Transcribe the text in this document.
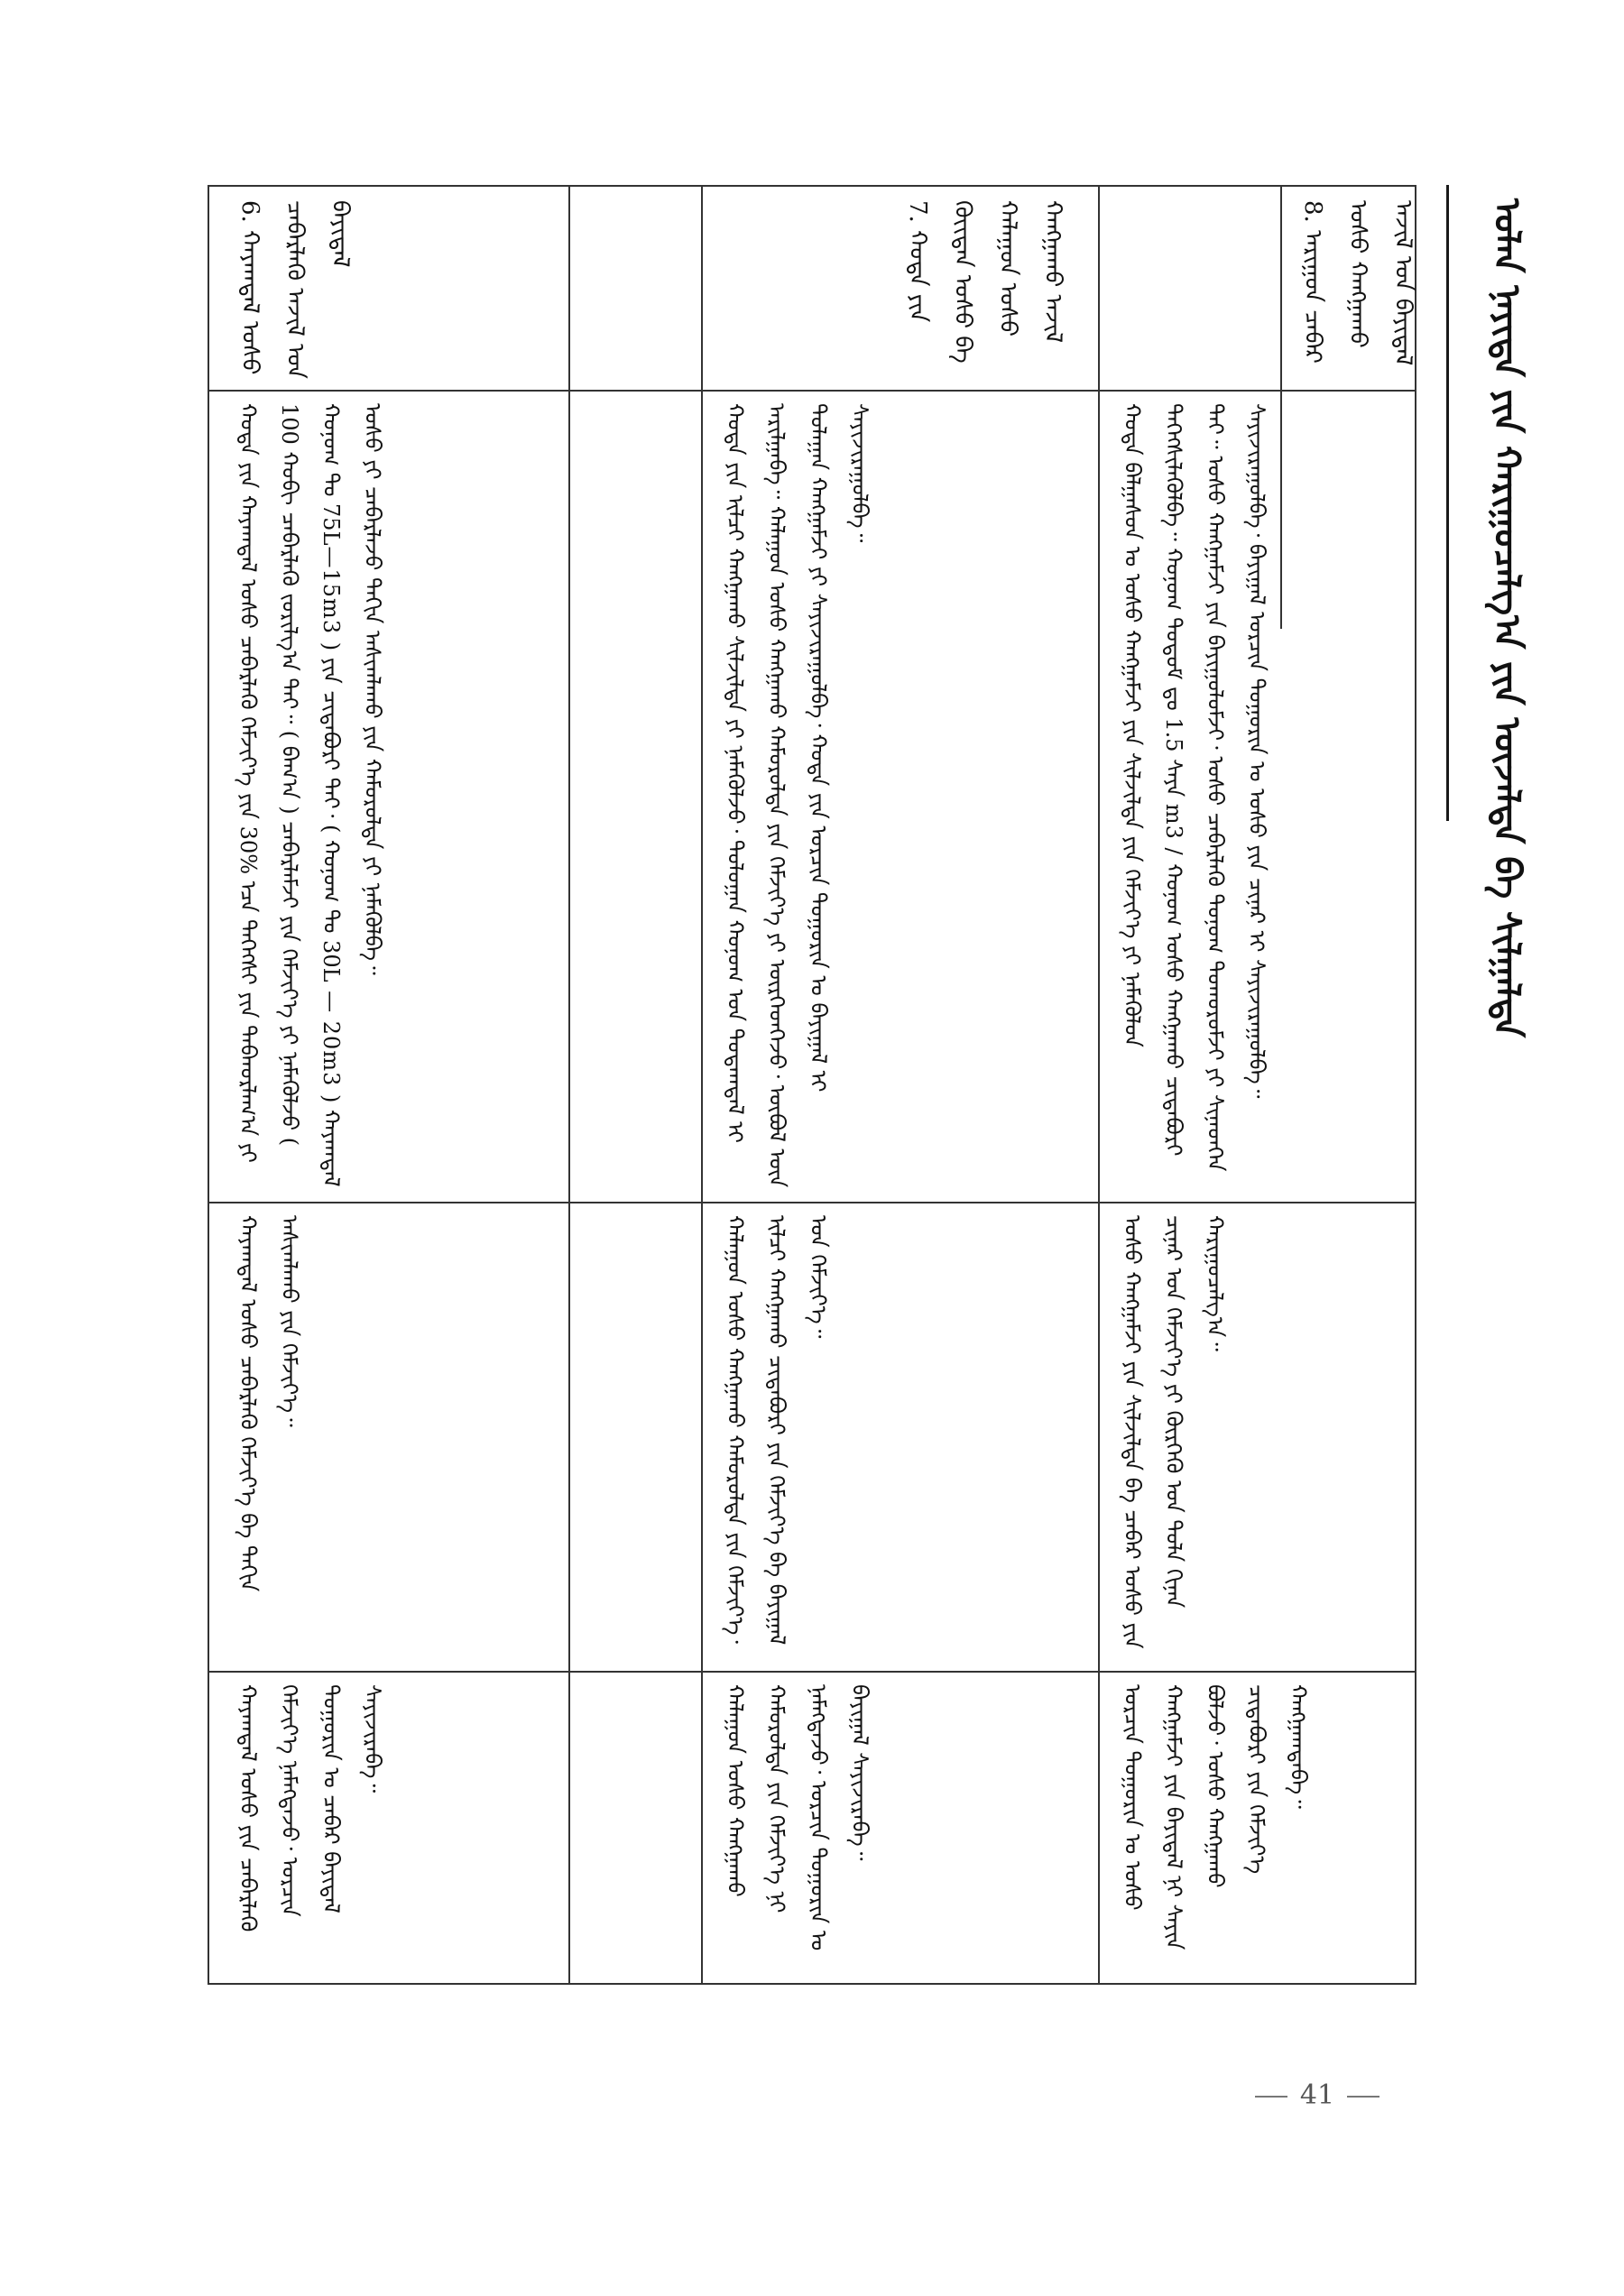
ᠣᠯᠠᠨ ᠨᠡᠶᠢᠲᠡ ᠶᠢᠨ ᠬᠠᠷᠢᠭᠤᠴᠠᠯᠭ᠎ᠠ ᠶᠢᠨ ᠦᠵᠡᠯᠲᠡ ᠪᠠ ᠰᠢᠯᠭᠠᠯᠲᠠ
8. ᠠᠷᠢᠭᠤᠨ ᠴᠡᠪᠡᠷ ᠤᠰᠤ ᠬᠠᠩᠭᠠᠬᠤ ᠠᠵᠢᠯ ᠤᠨ ᠪᠠᠶᠢᠳᠠᠯ
ᠬᠣᠲᠠ ᠪᠠᠯᠭᠠᠰᠤᠨ ᠤ ᠤᠰᠤ ᠬᠠᠩᠭᠠᠮᠵᠢ ᠶᠢᠨ ᠰᠢᠯᠵᠢᠯᠲᠡ ᠶᠢᠨ ᠬᠡᠮᠵᠢᠶ᠎ᠡ ᠶᠢ ᠨᠡᠮᠡᠭᠦᠯᠦᠨ ᠳᠡᠭᠡᠭᠰᠢᠯᠡᠭᠦᠯᠪᠡ᠃ ᠬᠣᠨᠤᠭ ᠲᠤᠲᠤᠮ ᠳᠤ 1.5 ᠰᠠᠶᠠ m3 / ᠬᠣᠨᠤᠭ ᠤᠰᠤ ᠬᠠᠩᠭᠠᠬᠤ ᠴᠢᠳᠠᠪᠤᠷᠢ ᠲᠠᠶ᠃ ᠤᠰᠤ ᠬᠠᠩᠭᠠᠮᠵᠢ ᠶᠢᠨ ᠪᠠᠶᠢᠭᠤᠯᠤᠮᠵᠢ᠂ ᠤᠰᠤ ᠴᠡᠪᠡᠷᠯᠡᠬᠦ ᠲᠣᠨᠤᠭ ᠲᠣᠬᠤᠷᠤᠮᠵᠢ ᠶᠢ ᠰᠢᠨᠡᠳᠬᠡᠨ ᠰᠠᠶᠢᠵᠢᠷᠠᠭᠤᠯᠪᠠ᠂ ᠪᠠᠶᠢᠭᠠᠯ ᠣᠷᠴᠢᠨ ᠲᠣᠭᠣᠷᠢᠨ ᠤ ᠤᠰᠤ ᠶᠢᠨ ᠴᠢᠨᠠᠷ ᠢ ᠰᠠᠶᠢᠵᠢᠷᠠᠭᠤᠯᠪᠠ᠃
ᠤᠰᠤ ᠬᠠᠩᠭᠠᠮᠵᠢ ᠶᠢᠨ ᠰᠢᠯᠵᠢᠯᠲᠡ ᠪᠠ ᠴᠡᠪᠡᠷ ᠤᠰᠤ ᠶᠢᠨ ᠴᠢᠨᠠᠷ ᠤᠨ ᠬᠡᠮᠵᠢᠶ᠎ᠡ ᠶᠢ ᠬᠦᠷᠭᠡᠬᠦ ᠤᠨ ᠲᠤᠯᠠ ᠬᠢᠨᠠᠨ ᠬᠠᠷᠢᠭᠤᠴᠠᠯᠭ᠎ᠠ᠃
ᠣᠷᠴᠢᠨ ᠲᠣᠭᠣᠷᠢᠨ ᠤ ᠤᠰᠤ ᠬᠠᠩᠭᠠᠮᠵᠢ ᠶᠢᠨ ᠪᠠᠶᠢᠳᠠᠯ ᠨᠢ ᠰᠠᠶᠢᠨ ᠪᠣᠯᠵᠤ᠂ ᠤᠰᠤ ᠬᠠᠩᠭᠠᠬᠤ ᠴᠢᠳᠠᠪᠤᠷᠢ ᠶᠢᠨ ᠬᠡᠮᠵᠢᠶ᠎ᠡ ᠬᠠᠩᠭᠠᠭᠳᠠᠪᠠ᠃
7. ᠬᠣᠲᠠ ᠶᠢᠨ ᠬᠦᠢᠲᠡᠨ ᠤᠰᠤ ᠪᠠ ᠬᠠᠯᠠᠭᠤᠨ ᠤᠰᠤ ᠬᠠᠩᠭᠠᠬᠤ ᠠᠵᠢᠯ
ᠬᠣᠲᠠ ᠶᠢᠨ ᠢᠯᠴᠢ ᠬᠠᠩᠭᠠᠬᠤ ᠰᠢᠯᠵᠢᠯᠲᠡ ᠶᠢ ᠨᠡᠮᠡᠭᠦᠯᠵᠦ᠂ ᠳᠣᠯᠣᠭᠠᠨ ᠬᠣᠨᠤᠭ ᠤᠨ ᠳᠤᠲᠠᠭᠳᠠᠯ ᠢ ᠠᠷᠢᠯᠭᠠᠪᠠ᠃ ᠬᠠᠯᠠᠭᠤᠨ ᠤᠰᠤ ᠬᠠᠩᠭᠠᠬᠤ ᠬᠠᠮᠤᠷᠤᠯᠲᠠ ᠶᠢᠨ ᠬᠡᠮᠵᠢᠶ᠎ᠡ ᠶᠢ ᠥᠷᠭᠡᠳᠭᠡᠵᠦ᠂ ᠥᠪᠦᠯ ᠦᠨ ᠳᠤᠯᠠᠭᠠᠨ ᠬᠠᠩᠭᠠᠮᠵᠢ ᠶᠢ ᠰᠠᠶᠢᠵᠢᠷᠠᠭᠤᠯᠪᠠ᠂ ᠬᠣᠲᠠ ᠶᠢᠨ ᠣᠷᠴᠢᠨ ᠲᠣᠭᠣᠷᠢᠨ ᠤ ᠪᠠᠶᠢᠭᠠᠯ ᠢ ᠰᠠᠶᠢᠵᠢᠷᠠᠭᠤᠯᠪᠠ᠃
ᠬᠠᠯᠠᠭᠤᠨ ᠤᠰᠤ ᠬᠠᠩᠭᠠᠬᠤ ᠬᠠᠮᠤᠷᠤᠯᠲᠠ ᠶᠢᠨ ᠬᠡᠮᠵᠢᠶ᠎ᠡ᠂ ᠢᠯᠴᠢ ᠬᠠᠩᠭᠠᠬᠤ ᠴᠢᠳᠠᠪᠤᠷᠢ ᠶᠢᠨ ᠬᠡᠮᠵᠢᠶ᠎ᠡ ᠪᠠ ᠪᠠᠶᠢᠭᠠᠯ ᠤᠨ ᠬᠡᠮᠵᠢᠶ᠎ᠡ᠃
ᠬᠠᠯᠠᠭᠤᠨ ᠤᠰᠤ ᠬᠠᠩᠭᠠᠬᠤ ᠬᠠᠮᠤᠷᠤᠯᠲᠠ ᠶᠢᠨ ᠬᠡᠮᠵᠢᠶ᠎ᠡ ᠨᠢ ᠨᠡᠮᠡᠭᠳᠡᠵᠦ᠂ ᠣᠷᠴᠢᠨ ᠲᠣᠭᠣᠷᠢᠨ ᠤ ᠪᠠᠶᠢᠭᠠᠯ ᠰᠠᠶᠢᠵᠢᠷᠠᠪᠠ᠃
6. ᠬᠠᠶᠠᠭᠳᠠᠯ ᠤᠰᠤ ᠴᠡᠪᠡᠷᠯᠡᠬᠦ ᠠᠵᠢᠯ ᠤᠨ ᠪᠠᠶᠢᠳᠠᠯ
ᠬᠣᠲᠠ ᠶᠢᠨ ᠬᠠᠶᠠᠭᠳᠠᠯ ᠤᠰᠤ ᠴᠡᠪᠡᠷᠯᠡᠬᠦ ᠬᠡᠮᠵᠢᠶ᠎ᠡ ᠶᠢᠨ 30% ᠡᠴᠡ ᠳᠡᠭᠡᠭᠰᠢ ᠶᠢᠨ ᠳᠠᠪᠬᠤᠷᠯᠠᠭ᠎ᠠ ᠶᠢ 100 ᠬᠤᠪᠢ ᠴᠡᠪᠡᠷᠯᠡᠬᠦ ᠵᠣᠷᠢᠯᠭ᠎ᠠ ᠲᠠᠶ᠃ ( ᠪᠠᠭ᠎ᠠ ) ᠴᠡᠪᠡᠷᠯᠡᠮᠵᠢ ᠶᠢᠨ ᠬᠡᠮᠵᠢᠶ᠎ᠡ ᠶᠢ ᠨᠡᠮᠡᠭᠦᠯᠵᠦ ( ᠬᠣᠨᠤᠭ ᠲᠤ 75L—15m3 ) ᠶᠢᠨ ᠴᠢᠳᠠᠪᠤᠷᠢ ᠲᠠᠶ᠂ ( ᠬᠣᠨᠤᠭ ᠲᠤ 30L — 20m3 ) ᠬᠠᠶᠠᠭᠳᠠᠯ ᠤᠰᠤ ᠶᠢ ᠴᠡᠪᠡᠷᠯᠡᠵᠦ ᠳᠠᠬᠢᠨ ᠠᠰᠢᠭᠯᠠᠬᠤ ᠶᠢᠨ ᠬᠠᠮᠤᠷᠤᠯᠲᠠ ᠶᠢ ᠨᠡᠮᠡᠭᠦᠯᠪᠡ᠃
ᠬᠠᠶᠠᠭᠳᠠᠯ ᠤᠰᠤ ᠴᠡᠪᠡᠷᠯᠡᠬᠦ ᠬᠡᠮᠵᠢᠶ᠎ᠡ ᠪᠠ ᠳᠠᠬᠢᠨ ᠠᠰᠢᠭᠯᠠᠬᠤ ᠶᠢᠨ ᠬᠡᠮᠵᠢᠶ᠎ᠡ᠃
ᠬᠠᠶᠠᠭᠳᠠᠯ ᠤᠰᠤ ᠶᠢᠨ ᠴᠡᠪᠡᠷᠯᠡᠬᠦ ᠬᠡᠮᠵᠢᠶ᠎ᠡ ᠨᠡᠮᠡᠭᠳᠡᠵᠦ᠂ ᠣᠷᠴᠢᠨ ᠲᠣᠭᠣᠷᠢᠨ ᠤ ᠴᠡᠪᠡᠷ ᠪᠠᠶᠢᠳᠠᠯ ᠰᠠᠶᠢᠵᠢᠷᠠᠪᠠ᠃
41
